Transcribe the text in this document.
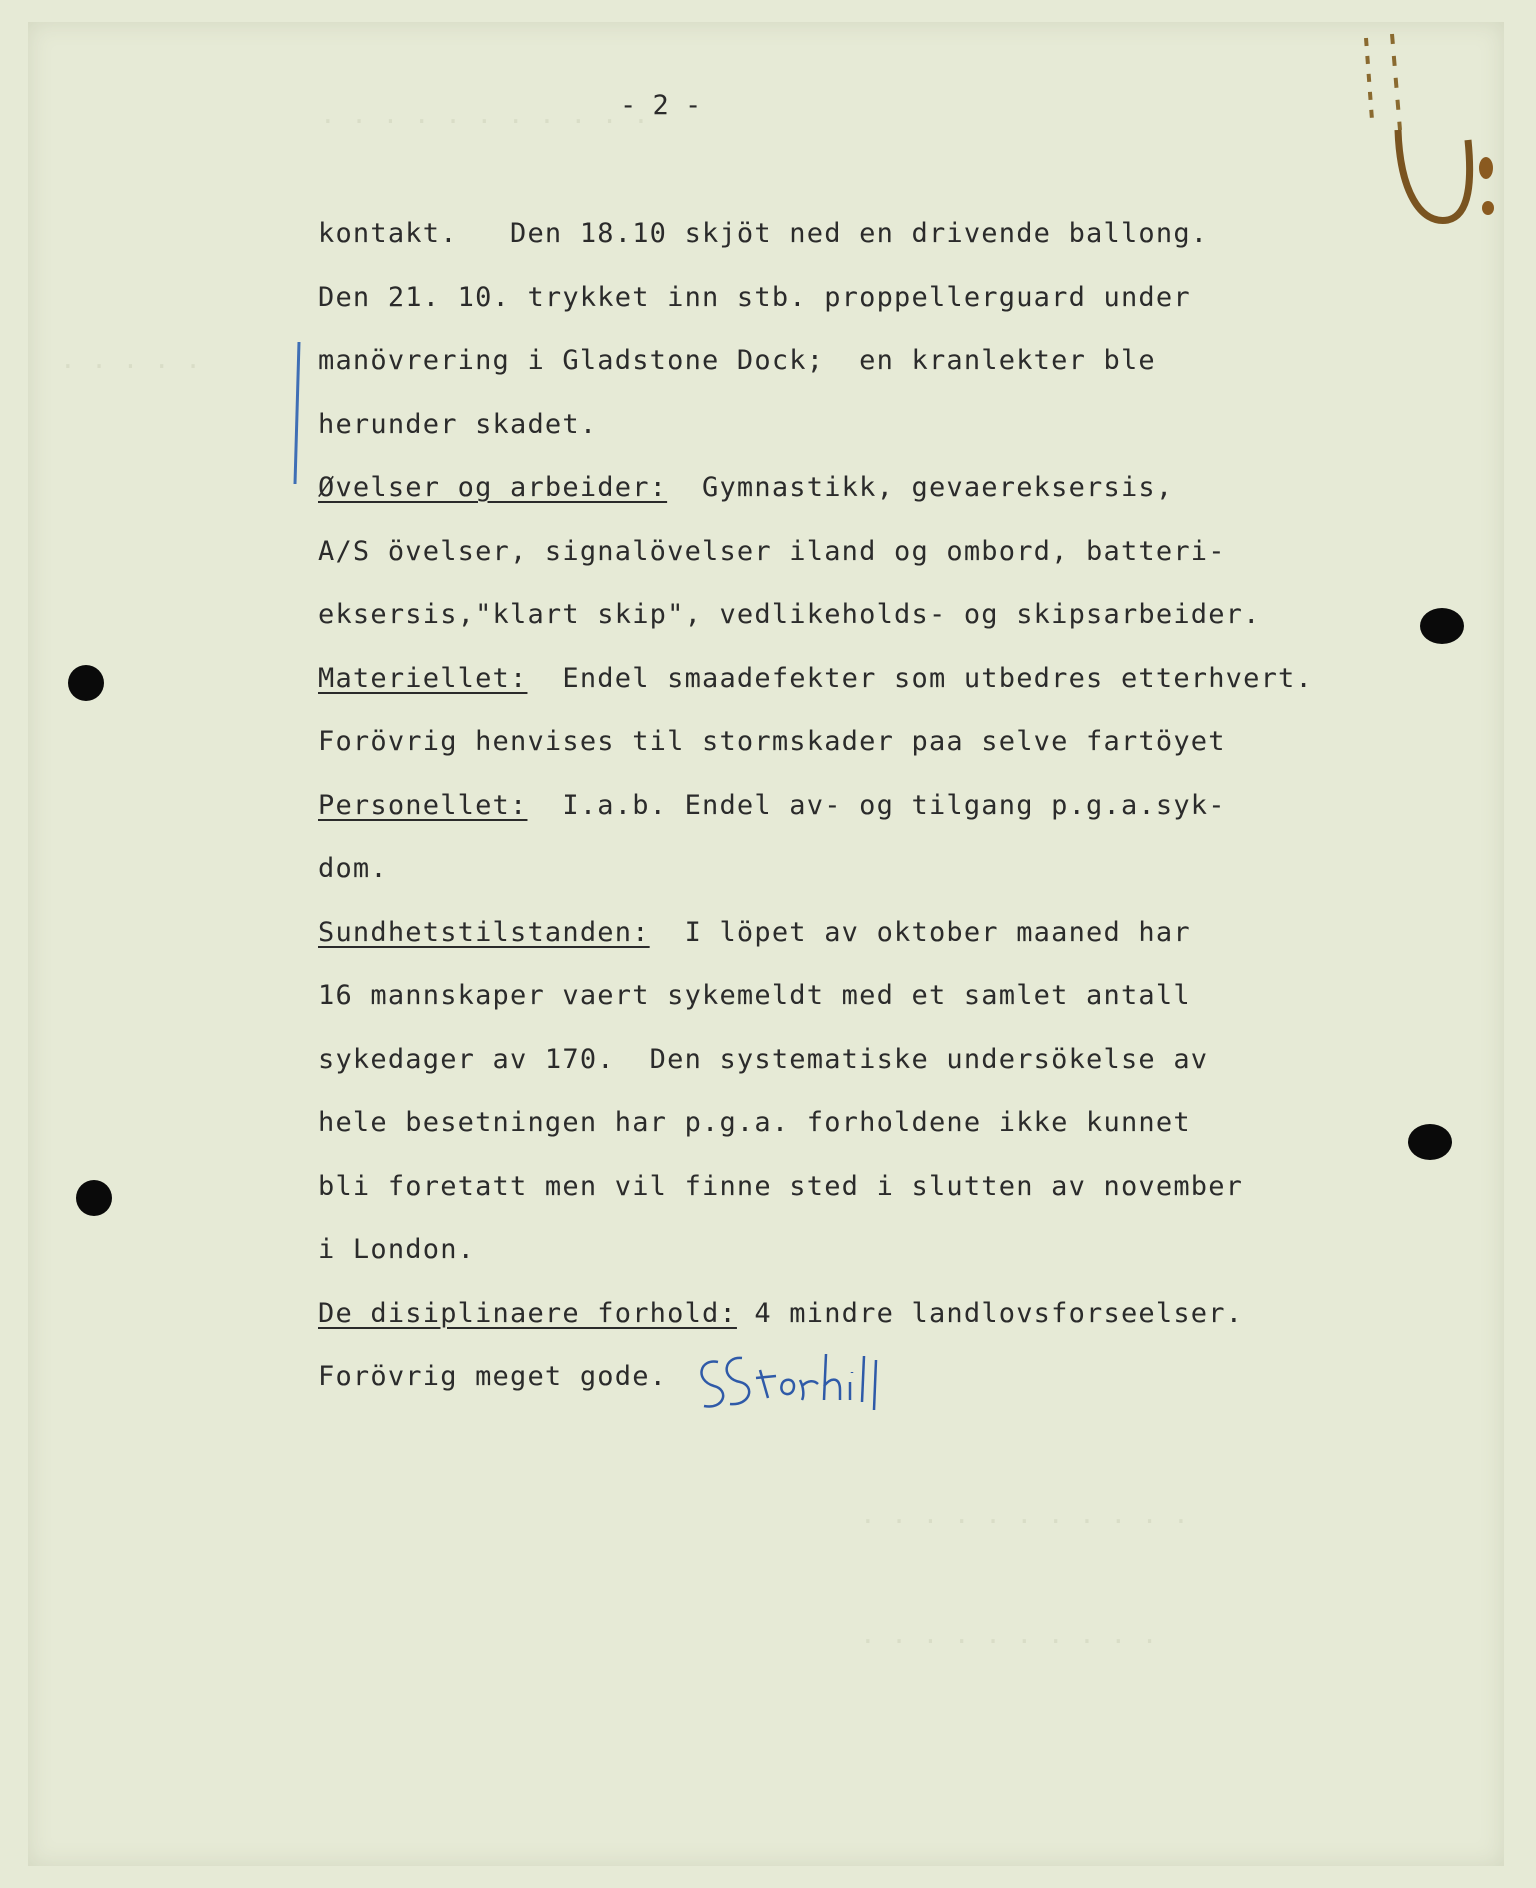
. . . . . . . . . . .
. . . . .
. . . . . . . . . . .
. . . . . . . . . .
- 2 -
kontakt.   Den 18.10 skjöt ned en drivende ballong.
Den 21. 10. trykket inn stb. proppellerguard under
manövrering i Gladstone Dock;  en kranlekter ble
herunder skadet.
Øvelser og arbeider:  Gymnastikk, gevaereksersis,
A/S övelser, signalövelser iland og ombord, batteri-
eksersis,"klart skip", vedlikeholds- og skipsarbeider.
Materiellet:  Endel smaadefekter som utbedres etterhvert.
Forövrig henvises til stormskader paa selve fartöyet
Personellet:  I.a.b. Endel av- og tilgang p.g.a.syk-
dom.
Sundhetstilstanden:  I löpet av oktober maaned har
16 mannskaper vaert sykemeldt med et samlet antall
sykedager av 170.  Den systematiske undersökelse av
hele besetningen har p.g.a. forholdene ikke kunnet
bli foretatt men vil finne sted i slutten av november
i London.
De disiplinaere forhold: 4 mindre landlovsforseelser.
Forövrig meget gode.
